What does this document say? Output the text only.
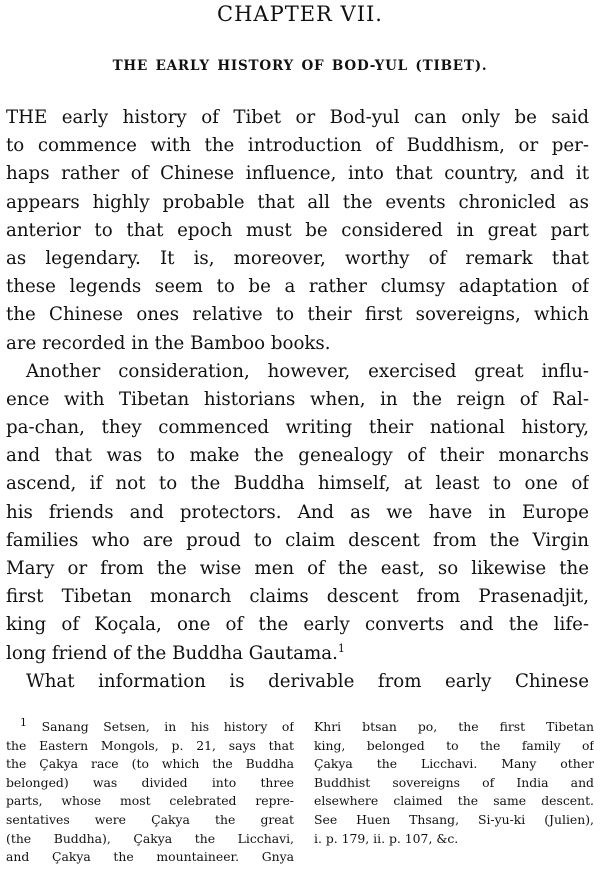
CHAPTER VII.
THE EARLY HISTORY OF BOD-YUL (TIBET).
THE early history of Tibet or Bod-yul can only be said
to commence with the introduction of Buddhism, or per-
haps rather of Chinese influence, into that country, and it
appears highly probable that all the events chronicled as
anterior to that epoch must be considered in great part
as legendary. It is, moreover, worthy of remark that
these legends seem to be a rather clumsy adaptation of
the Chinese ones relative to their first sovereigns, which
are recorded in the Bamboo books.
Another consideration, however, exercised great influ-
ence with Tibetan historians when, in the reign of Ral-
pa-chan, they commenced writing their national history,
and that was to make the genealogy of their monarchs
ascend, if not to the Buddha himself, at least to one of
his friends and protectors. And as we have in Europe
families who are proud to claim descent from the Virgin
Mary or from the wise men of the east, so likewise the
first Tibetan monarch claims descent from Prasenadjit,
king of Koçala, one of the early converts and the life-
long friend of the Buddha Gautama.$^1$
What information is derivable from early Chinese
$^1$ Sanang Setsen, in his history of
the Eastern Mongols, p. 21, says that
the Çakya race (to which the Buddha
belonged) was divided into three
parts, whose most celebrated repre-
sentatives were Çakya the great
(the Buddha), Çakya the Licchavi,
and Çakya the mountaineer. Gnya
Khri btsan po, the first Tibetan
king, belonged to the family of
Çakya the Licchavi. Many other
Buddhist sovereigns of India and
elsewhere claimed the same descent.
See Huen Thsang, Si-yu-ki (Julien),
i. p. 179, ii. p. 107, &c.
